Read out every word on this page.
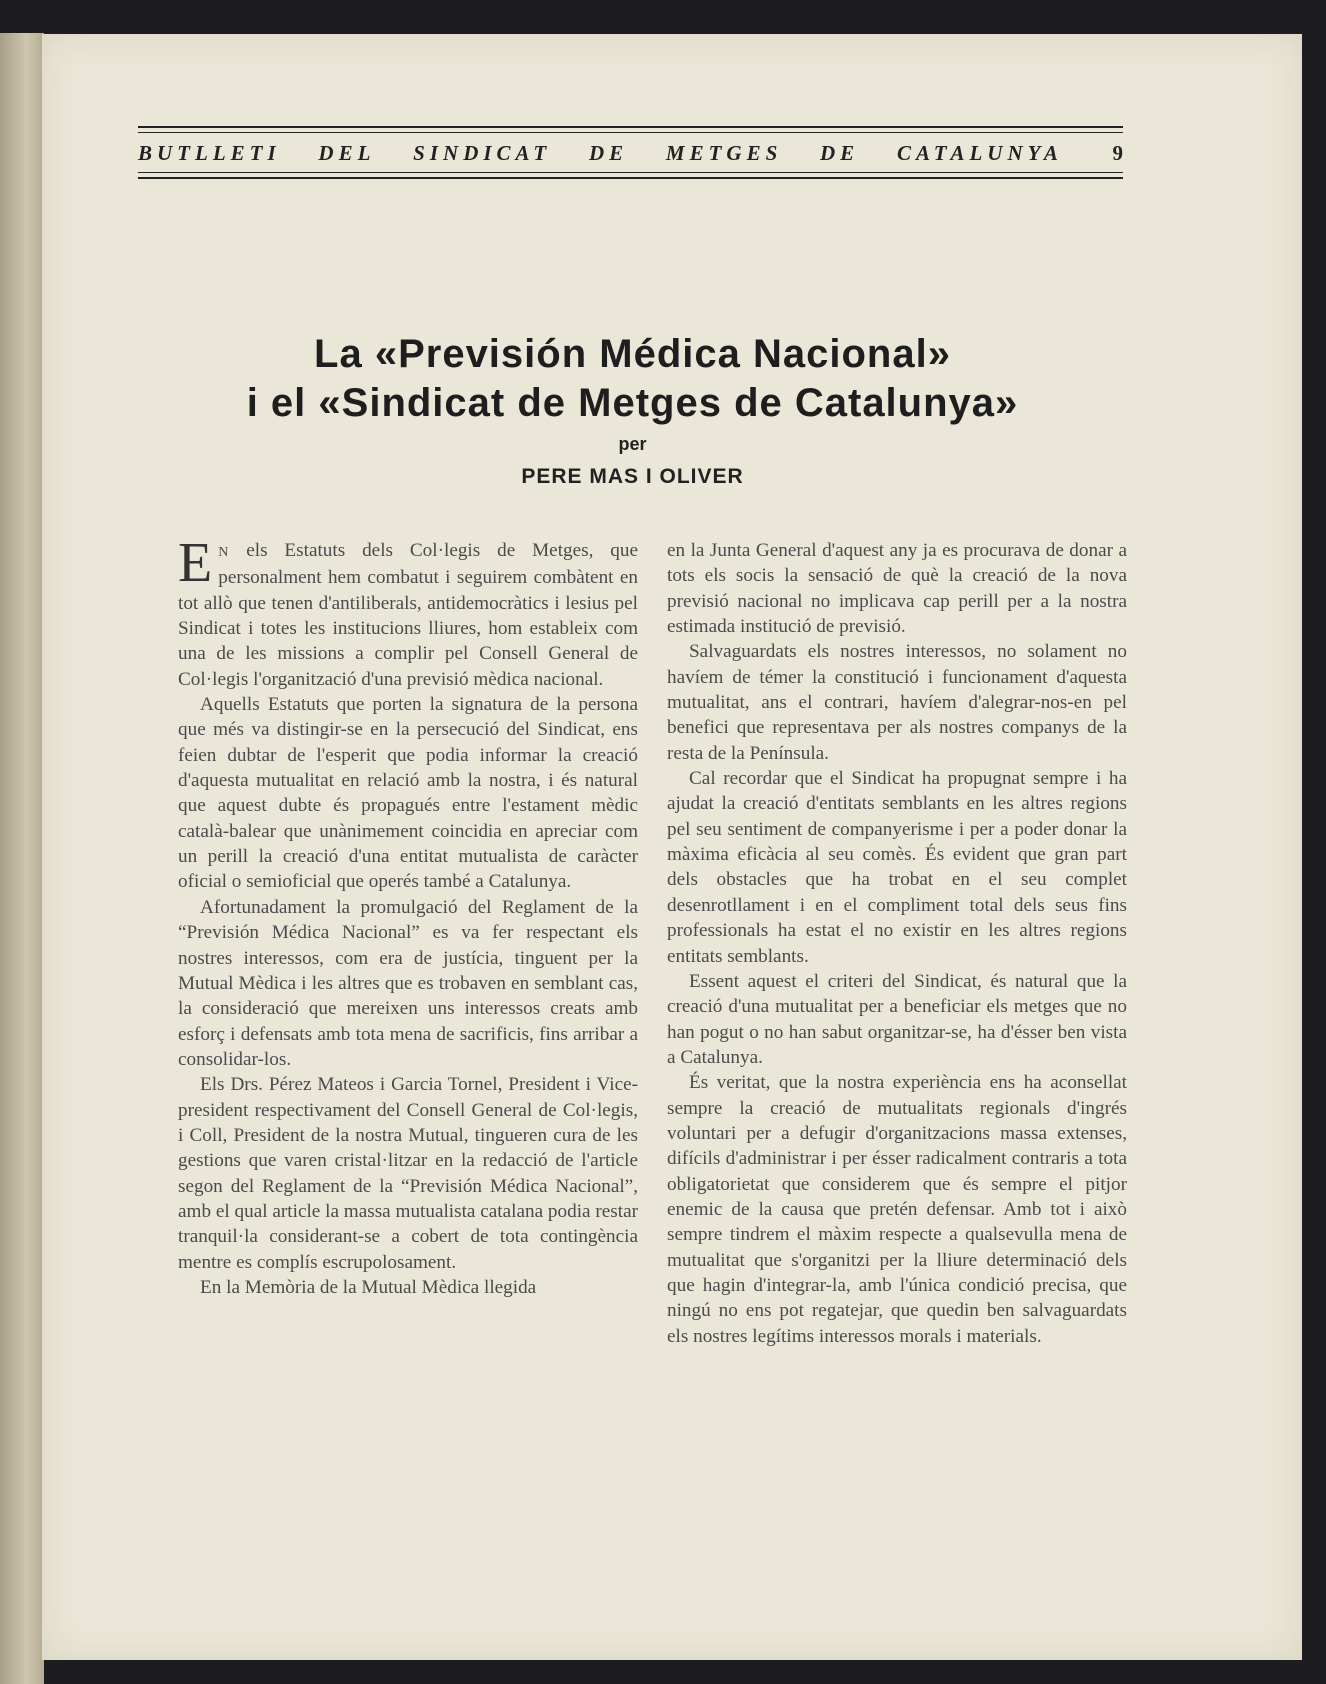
BUTLLETI DEL SINDICAT DE METGES DE CATALUNYA	9
La «Previsión Médica Nacional»
i el «Sindicat de Metges de Catalunya»
per
PERE MAS I OLIVER

E N els Estatuts dels Col·legis de Metges, que personalment hem combatut i seguirem combàtent en tot allò que tenen d'antiliberals, antidemocràtics i lesius pel Sindicat i totes les institucions lliures, hom estableix com una de les missions a complir pel Consell General de Col·legis l'organització d'una previsió mèdica nacional.

Aquells Estatuts que porten la signatura de la persona que més va distingir-se en la persecució del Sindicat, ens feien dubtar de l'esperit que podia informar la creació d'aquesta mutualitat en relació amb la nostra, i és natural que aquest dubte és propagués entre l'estament mèdic català-balear que unànimement coincidia en apreciar com un perill la creació d'una entitat mutualista de caràcter oficial o semioficial que operés també a Catalunya.

Afortunadament la promulgació del Reglament de la “Previsión Médica Nacional” es va fer respectant els nostres interessos, com era de justícia, tinguent per la Mutual Mèdica i les altres que es trobaven en semblant cas, la consideració que mereixen uns interessos creats amb esforç i defensats amb tota mena de sacrificis, fins arribar a consolidar-los.

Els Drs. Pérez Mateos i Garcia Tornel, President i Vice-president respectivament del Consell General de Col·legis, i Coll, President de la nostra Mutual, tingueren cura de les gestions que varen cristal·litzar en la redacció de l'article segon del Reglament de la “Previsión Médica Nacional”, amb el qual article la massa mutualista catalana podia restar tranquil·la considerant-se a cobert de tota contingència mentre es complís escrupolosament.

En la Memòria de la Mutual Mèdica llegida

en la Junta General d'aquest any ja es procurava de donar a tots els socis la sensació de què la creació de la nova previsió nacional no implicava cap perill per a la nostra estimada institució de previsió.

Salvaguardats els nostres interessos, no solament no havíem de témer la constitució i funcionament d'aquesta mutualitat, ans el contrari, havíem d'alegrar-nos-en pel benefici que representava per als nostres companys de la resta de la Península.

Cal recordar que el Sindicat ha propugnat sempre i ha ajudat la creació d'entitats semblants en les altres regions pel seu sentiment de companyerisme i per a poder donar la màxima eficàcia al seu comès. És evident que gran part dels obstacles que ha trobat en el seu complet desenrotllament i en el compliment total dels seus fins professionals ha estat el no existir en les altres regions entitats semblants.

Essent aquest el criteri del Sindicat, és natural que la creació d'una mutualitat per a beneficiar els metges que no han pogut o no han sabut organitzar-se, ha d'ésser ben vista a Catalunya.

És veritat, que la nostra experiència ens ha aconsellat sempre la creació de mutualitats regionals d'ingrés voluntari per a defugir d'organitzacions massa extenses, difícils d'administrar i per ésser radicalment contraris a tota obligatorietat que considerem que és sempre el pitjor enemic de la causa que pretén defensar. Amb tot i això sempre tindrem el màxim respecte a qualsevulla mena de mutualitat que s'organitzi per la lliure determinació dels que hagin d'integrar-la, amb l'única condició precisa, que ningú no ens pot regatejar, que quedin ben salvaguardats els nostres legítims interessos morals i materials.
